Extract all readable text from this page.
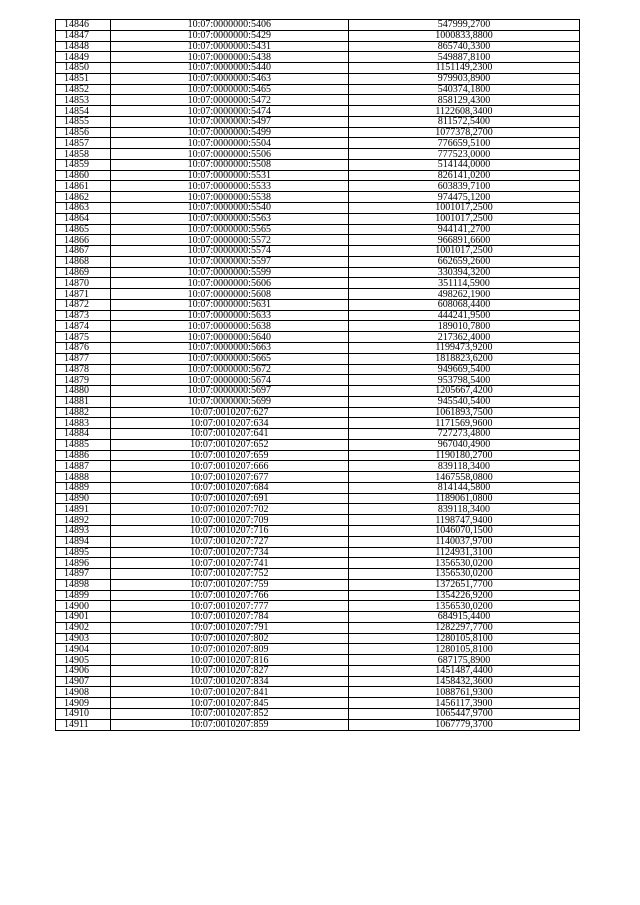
14846	10:07:0000000:5406	547999,2700
14847	10:07:0000000:5429	1000833,8800
14848	10:07:0000000:5431	865740,3300
14849	10:07:0000000:5438	549887,8100
14850	10:07:0000000:5440	1151149,2300
14851	10:07:0000000:5463	979903,8900
14852	10:07:0000000:5465	540374,1800
14853	10:07:0000000:5472	858129,4300
14854	10:07:0000000:5474	1122608,3400
14855	10:07:0000000:5497	811572,5400
14856	10:07:0000000:5499	1077378,2700
14857	10:07:0000000:5504	776659,5100
14858	10:07:0000000:5506	777523,0000
14859	10:07:0000000:5508	514144,0000
14860	10:07:0000000:5531	826141,0200
14861	10:07:0000000:5533	603839,7100
14862	10:07:0000000:5538	974475,1200
14863	10:07:0000000:5540	1001017,2500
14864	10:07:0000000:5563	1001017,2500
14865	10:07:0000000:5565	944141,2700
14866	10:07:0000000:5572	966891,6600
14867	10:07:0000000:5574	1001017,2500
14868	10:07:0000000:5597	662659,2600
14869	10:07:0000000:5599	330394,3200
14870	10:07:0000000:5606	351114,5900
14871	10:07:0000000:5608	498262,1900
14872	10:07:0000000:5631	608068,4400
14873	10:07:0000000:5633	444241,9500
14874	10:07:0000000:5638	189010,7800
14875	10:07:0000000:5640	217362,4000
14876	10:07:0000000:5663	1199473,9200
14877	10:07:0000000:5665	1818823,6200
14878	10:07:0000000:5672	949669,5400
14879	10:07:0000000:5674	953798,5400
14880	10:07:0000000:5697	1205667,4200
14881	10:07:0000000:5699	945540,5400
14882	10:07:0010207:627	1061893,7500
14883	10:07:0010207:634	1171569,9600
14884	10:07:0010207:641	727273,4800
14885	10:07:0010207:652	967040,4900
14886	10:07:0010207:659	1190180,2700
14887	10:07:0010207:666	839118,3400
14888	10:07:0010207:677	1467558,0800
14889	10:07:0010207:684	814144,5800
14890	10:07:0010207:691	1189061,0800
14891	10:07:0010207:702	839118,3400
14892	10:07:0010207:709	1198747,9400
14893	10:07:0010207:716	1046070,1500
14894	10:07:0010207:727	1140037,9700
14895	10:07:0010207:734	1124931,3100
14896	10:07:0010207:741	1356530,0200
14897	10:07:0010207:752	1356530,0200
14898	10:07:0010207:759	1372651,7700
14899	10:07:0010207:766	1354226,9200
14900	10:07:0010207:777	1356530,0200
14901	10:07:0010207:784	684915,4400
14902	10:07:0010207:791	1282297,7700
14903	10:07:0010207:802	1280105,8100
14904	10:07:0010207:809	1280105,8100
14905	10:07:0010207:816	687175,8900
14906	10:07:0010207:827	1451487,4400
14907	10:07:0010207:834	1458432,3600
14908	10:07:0010207:841	1088761,9300
14909	10:07:0010207:845	1456117,3900
14910	10:07:0010207:852	1065447,9700
14911	10:07:0010207:859	1067779,3700
